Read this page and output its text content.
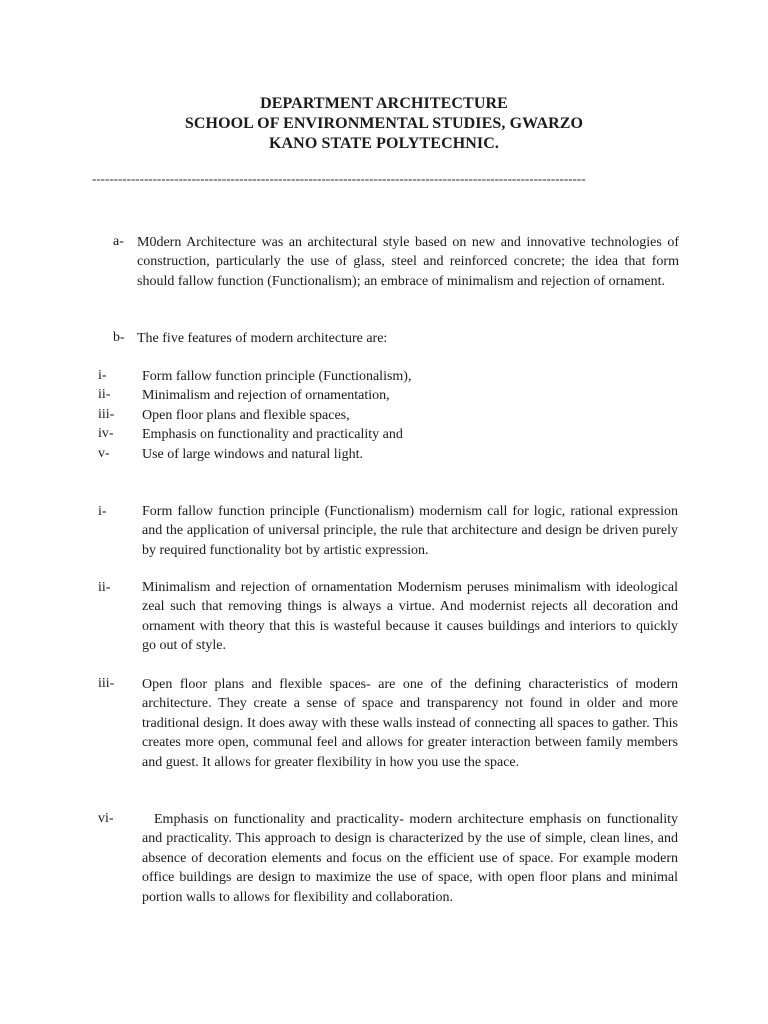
DEPARTMENT ARCHITECTURE
SCHOOL OF ENVIRONMENTAL STUDIES, GWARZO
KANO STATE POLYTECHNIC.
------------------------------------------------------------------------------------------------------------------
a- M0dern Architecture was an architectural style based on new and innovative technologies of construction, particularly the use of glass, steel and reinforced concrete; the idea that form should fallow function (Functionalism); an embrace of minimalism and rejection of ornament.
b- The five features of modern architecture are:
i-	Form fallow function principle (Functionalism),
ii- Minimalism and rejection of ornamentation,
iii- Open floor plans and flexible spaces,
iv- Emphasis on functionality and practicality and
v- Use of large windows and natural light.
i-	Form fallow function principle (Functionalism) modernism call for logic, rational expression and the application of universal principle, the rule that architecture and design be driven purely by required functionality bot by artistic expression.
ii- Minimalism and rejection of ornamentation Modernism peruses minimalism with ideological zeal such that removing things is always a virtue. And modernist rejects all decoration and ornament with theory that this is wasteful because it causes buildings and interiors to quickly go out of style.
iii- Open floor plans and flexible spaces- are one of the defining characteristics of modern architecture. They create a sense of space and transparency not found in older and more traditional design. It does away with these walls instead of connecting all spaces to gather. This creates more open, communal feel and allows for greater interaction between family members and guest. It allows for greater flexibility in how you use the space.
vi-	Emphasis on functionality and practicality- modern architecture emphasis on functionality and practicality. This approach to design is characterized by the use of simple, clean lines, and absence of decoration elements and focus on the efficient use of space. For example modern office buildings are design to maximize the use of space, with open floor plans and minimal portion walls to allows for flexibility and collaboration.
